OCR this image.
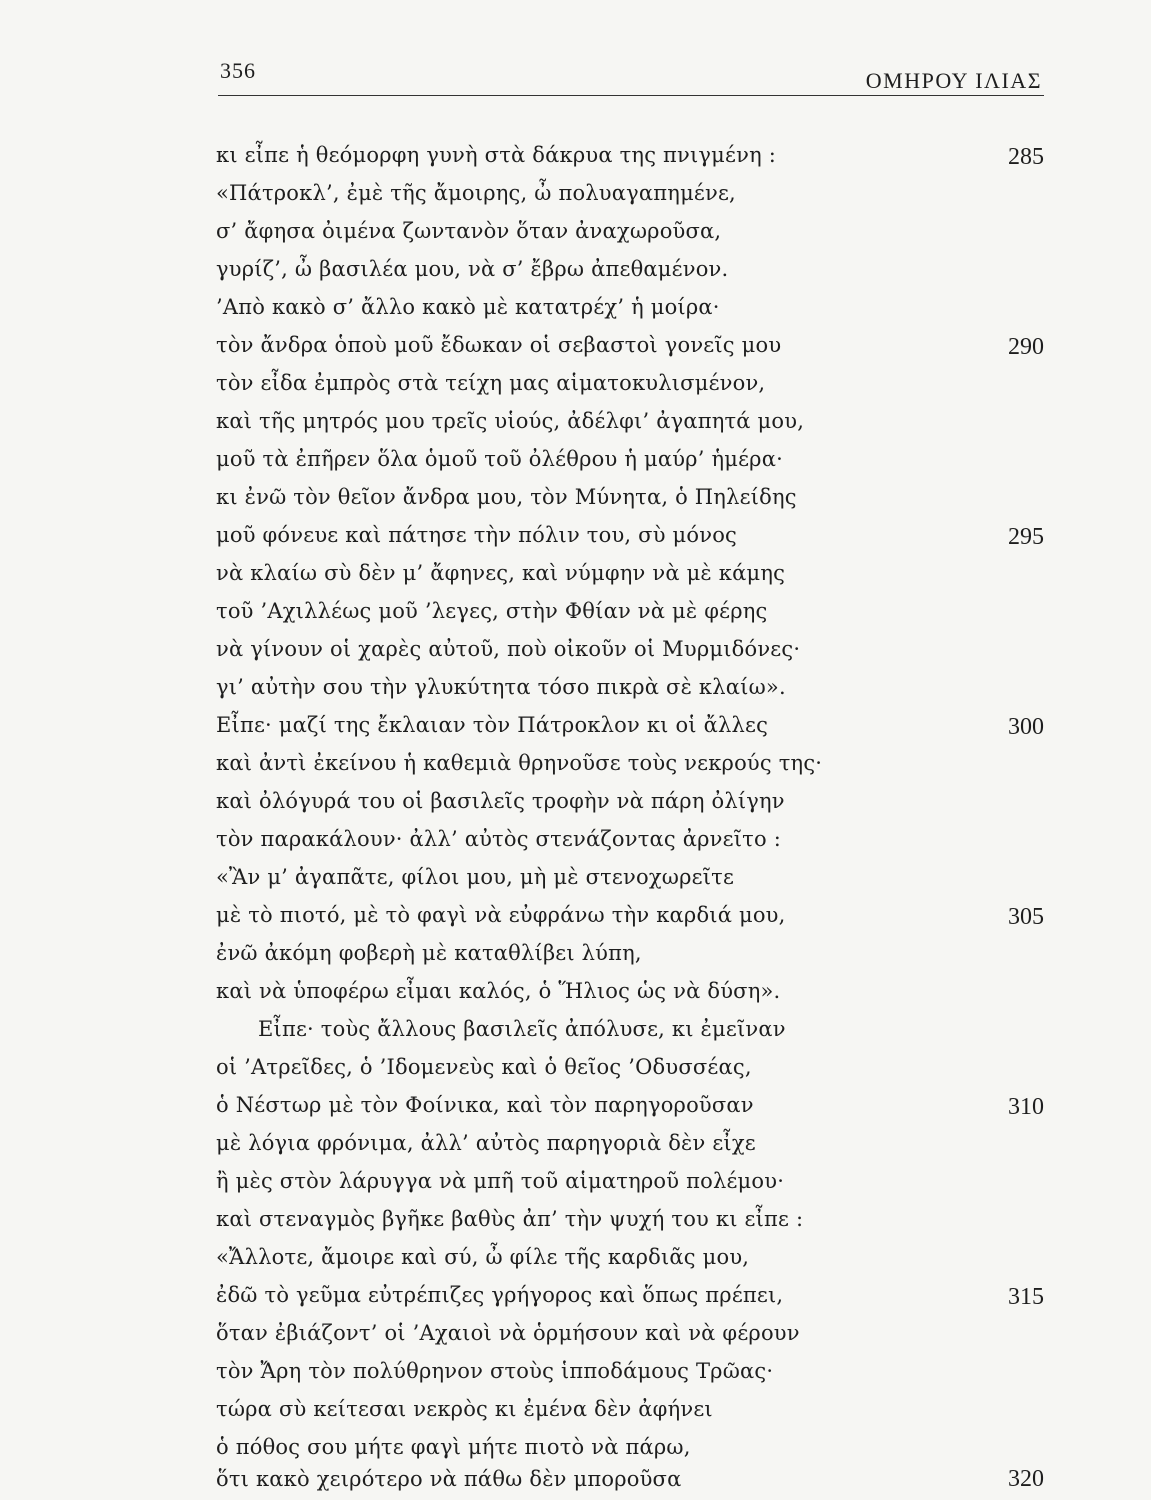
356	ΟΜΗΡΟΥ ΙΛΙΑΣ
κι εἶπε ἡ θεόμορφη γυνὴ στὰ δάκρυα της πνιγμένη :
«Πάτροκλ’, ἐμὲ τῆς ἄμοιρης, ὦ πολυαγαπημένε,
σ’ ἄφησα ὀιμένα ζωντανὸν ὅταν ἀναχωροῦσα,
γυρίζ’, ὦ βασιλέα μου, νὰ σ’ ἔβρω ἀπεθαμένον.
’Απὸ κακὸ σ’ ἄλλο κακὸ μὲ κατατρέχ’ ἡ μοίρα·
τὸν ἄνδρα ὁποὺ μοῦ ἔδωκαν οἱ σεβαστοὶ γονεῖς μου
τὸν εἶδα ἐμπρὸς στὰ τείχη μας αἱματοκυλισμένον,
καὶ τῆς μητρός μου τρεῖς υἱούς, ἀδέλφι’ ἀγαπητά μου,
μοῦ τὰ ἐπῆρεν ὅλα ὁμοῦ τοῦ ὀλέθρου ἡ μαύρ’ ἡμέρα·
κι ἐνῶ τὸν θεῖον ἄνδρα μου, τὸν Μύνητα, ὁ Πηλείδης
μοῦ φόνευε καὶ πάτησε τὴν πόλιν του, σὺ μόνος
νὰ κλαίω σὺ δὲν μ’ ἄφηνες, καὶ νύμφην νὰ μὲ κάμης
τοῦ ’Αχιλλέως μοῦ ’λεγες, στὴν Φθίαν νὰ μὲ φέρης
νὰ γίνουν οἱ χαρὲς αὐτοῦ, ποὺ οἰκοῦν οἱ Μυρμιδόνες·
γι’ αὐτὴν σου τὴν γλυκύτητα τόσο πικρὰ σὲ κλαίω».
Εἶπε· μαζί της ἔκλαιαν τὸν Πάτροκλον κι οἱ ἄλλες
καὶ ἀντὶ ἐκείνου ἡ καθεμιὰ θρηνοῦσε τοὺς νεκρούς της·
καὶ ὀλόγυρά του οἱ βασιλεῖς τροφὴν νὰ πάρη ὀλίγην
τὸν παρακάλουν· ἀλλ’ αὐτὸς στενάζοντας ἀρνεῖτο :
«Ἂν μ’ ἀγαπᾶτε, φίλοι μου, μὴ μὲ στενοχωρεῖτε
μὲ τὸ πιοτό, μὲ τὸ φαγὶ νὰ εὐφράνω τὴν καρδιά μου,
ἐνῶ ἀκόμη φοβερὴ μὲ καταθλίβει λύπη,
καὶ νὰ ὑποφέρω εἶμαι καλός, ὁ Ἥλιος ὡς νὰ δύση».
Εἶπε· τοὺς ἄλλους βασιλεῖς ἀπόλυσε, κι ἐμεῖναν
οἱ ’Ατρεῖδες, ὁ ’Ιδομενεὺς καὶ ὁ θεῖος ’Οδυσσέας,
ὁ Νέστωρ μὲ τὸν Φοίνικα, καὶ τὸν παρηγοροῦσαν
μὲ λόγια φρόνιμα, ἀλλ’ αὐτὸς παρηγοριὰ δὲν εἶχε
ἢ μὲς στὸν λάρυγγα νὰ μπῆ τοῦ αἱματηροῦ πολέμου·
καὶ στεναγμὸς βγῆκε βαθὺς ἀπ’ τὴν ψυχή του κι εἶπε :
«Ἄλλοτε, ἄμοιρε καὶ σύ, ὦ φίλε τῆς καρδιᾶς μου,
ἐδῶ τὸ γεῦμα εὐτρέπιζες γρήγορος καὶ ὅπως πρέπει,
ὅταν ἐβιάζοντ’ οἱ ’Αχαιοὶ νὰ ὁρμήσουν καὶ νὰ φέρουν
τὸν Ἄρη τὸν πολύθρηνον στοὺς ἱπποδάμους Τρῶας·
τώρα σὺ κείτεσαι νεκρὸς κι ἐμένα δὲν ἀφήνει
ὁ πόθος σου μήτε φαγὶ μήτε πιοτὸ νὰ πάρω,
ὅτι κακὸ χειρότερο νὰ πάθω δὲν μποροῦσα
285
290
295
300
305
310
315
320
